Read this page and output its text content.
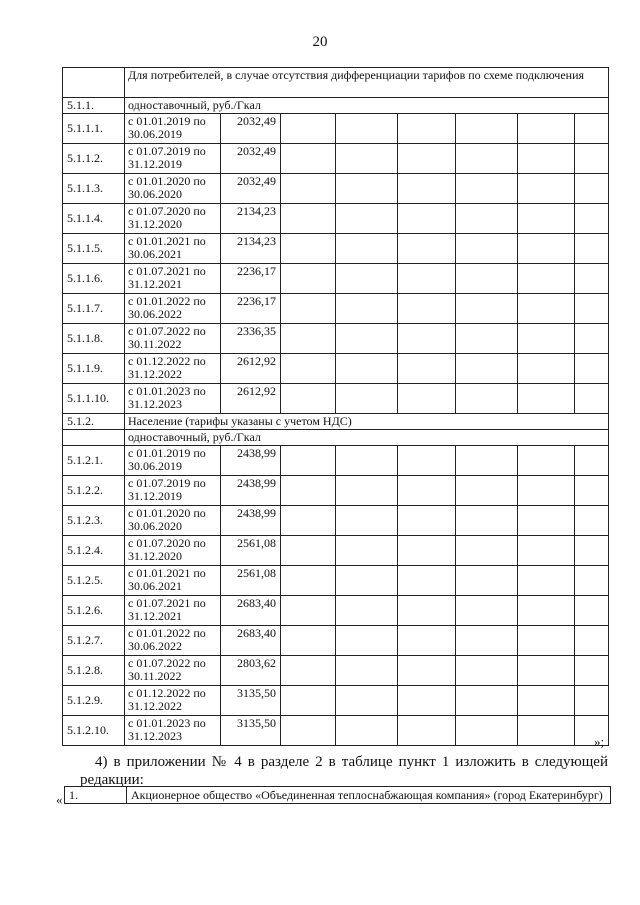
20
	Для потребителей, в случае отсутствия дифференциации тарифов по схеме подключения							
5.1.1.	одноставочный, руб./Гкал							
5.1.1.1.	с 01.01.2019 по 30.06.2019	2032,49						
5.1.1.2.	с 01.07.2019 по 31.12.2019	2032,49						
5.1.1.3.	с 01.01.2020 по 30.06.2020	2032,49						
5.1.1.4.	с 01.07.2020 по 31.12.2020	2134,23						
5.1.1.5.	с 01.01.2021 по 30.06.2021	2134,23						
5.1.1.6.	с 01.07.2021 по 31.12.2021	2236,17						
5.1.1.7.	с 01.01.2022 по 30.06.2022	2236,17						
5.1.1.8.	с 01.07.2022 по 30.11.2022	2336,35						
5.1.1.9.	с 01.12.2022 по 31.12.2022	2612,92						
5.1.1.10.	с 01.01.2023 по 31.12.2023	2612,92						
5.1.2.	Население (тарифы указаны с учетом НДС)							
	одноставочный, руб./Гкал							
5.1.2.1.	с 01.01.2019 по 30.06.2019	2438,99						
5.1.2.2.	с 01.07.2019 по 31.12.2019	2438,99						
5.1.2.3.	с 01.01.2020 по 30.06.2020	2438,99						
5.1.2.4.	с 01.07.2020 по 31.12.2020	2561,08						
5.1.2.5.	с 01.01.2021 по 30.06.2021	2561,08						
5.1.2.6.	с 01.07.2021 по 31.12.2021	2683,40						
5.1.2.7.	с 01.01.2022 по 30.06.2022	2683,40						
5.1.2.8.	с 01.07.2022 по 30.11.2022	2803,62						
5.1.2.9.	с 01.12.2022 по 31.12.2022	3135,50						
5.1.2.10.	с 01.01.2023 по 31.12.2023	3135,50						
»;

4) в приложении № 4 в разделе 2 в таблице пункт 1 изложить в следующей редакции:

« 1.	Акционерное общество «Объединенная теплоснабжающая компания» (город Екатеринбург)
